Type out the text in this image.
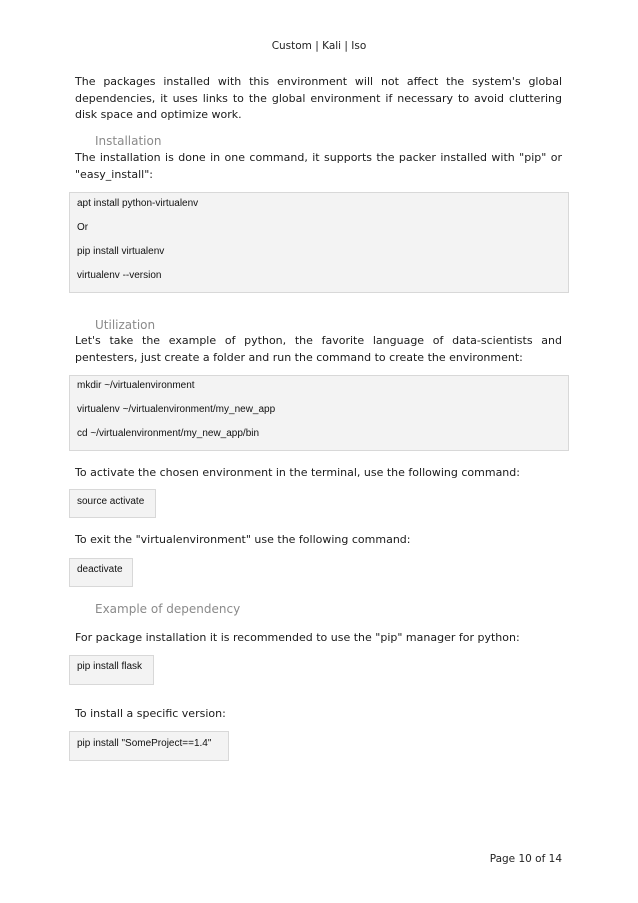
Custom | Kali | Iso
The packages installed with this environment will not affect the system's global dependencies, it uses links to the global environment if necessary to avoid cluttering disk space and optimize work.
Installation
The installation is done in one command, it supports the packer installed with "pip" or "easy_install":
apt install python-virtualenv
Or
pip install virtualenv
virtualenv --version
Utilization
Let's take the example of python, the favorite language of data-scientists and pentesters, just create a folder and run the command to create the environment:
mkdir ~/virtualenvironment
virtualenv ~/virtualenvironment/my_new_app
cd ~/virtualenvironment/my_new_app/bin
To activate the chosen environment in the terminal, use the following command:
source activate
To exit the "virtualenvironment" use the following command:
deactivate
Example of dependency
For package installation it is recommended to use the "pip" manager for python:
pip install flask
To install a specific version:
pip install "SomeProject==1.4"
Page 10 of 14
